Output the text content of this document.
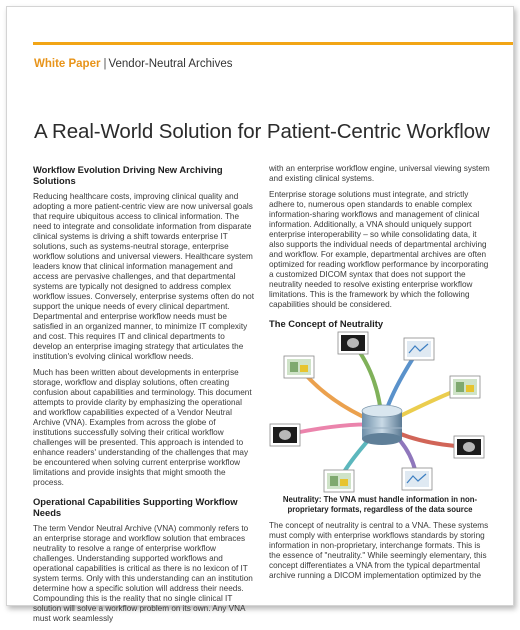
White Paper | Vendor-Neutral Archives
A Real-World Solution for Patient-Centric Workflow
Workflow Evolution Driving New Archiving Solutions

Reducing healthcare costs, improving clinical quality and adopting a more patient-centric view are now universal goals that require ubiquitous access to clinical information. The need to integrate and consolidate information from disparate clinical systems is driving a shift towards enterprise IT solutions, such as systems-neutral storage, enterprise workflow solutions and universal viewers. Healthcare system leaders know that clinical information management and access are pervasive challenges, and that departmental systems are typically not designed to address complex workflow issues. Conversely, enterprise systems often do not support the unique needs of every clinical department. Departmental and enterprise workflow needs must be satisfied in an organized manner, to minimize IT complexity and cost. This requires IT and clinical departments to develop an enterprise imaging strategy that articulates the institution's evolving clinical workflow needs.

Much has been written about developments in enterprise storage, workflow and display solutions, often creating confusion about capabilities and terminology. This document attempts to provide clarity by emphasizing the operational and workflow capabilities expected of a Vendor Neutral Archive (VNA). Examples from across the globe of institutions successfully solving their critical workflow challenges will be presented. This approach is intended to enhance readers' understanding of the challenges that may be encountered when solving current enterprise workflow limitations and provide insights that might smooth the process.

Operational Capabilities Supporting Workflow Needs

The term Vendor Neutral Archive (VNA) commonly refers to an enterprise storage and workflow solution that embraces neutrality to resolve a range of enterprise workflow challenges. Understanding supported workflows and operational capabilities is critical as there is no lexicon of IT system terms. Only with this understanding can an institution determine how a specific solution will address their needs. Compounding this is the reality that no single clinical IT solution will solve a workflow problem on its own. Any VNA must work seamlessly

with an enterprise workflow engine, universal viewing system and existing clinical systems.

Enterprise storage solutions must integrate, and strictly adhere to, numerous open standards to enable complex information-sharing workflows and management of clinical information. Additionally, a VNA should uniquely support enterprise interoperability – so while consolidating data, it also supports the individual needs of departmental archiving and workflow. For example, departmental archives are often optimized for reading workflow performance by incorporating a customized DICOM syntax that does not support the neutrality needed to resolve existing enterprise workflow limitations. This is the framework by which the following capabilities should be considered.

The Concept of Neutrality

Neutrality: The VNA must handle information in non-proprietary formats, regardless of the data source

The concept of neutrality is central to a VNA. These systems must comply with enterprise workflows standards by storing information in non-proprietary, interchange formats. This is the essence of "neutrality." While seemingly elementary, this concept differentiates a VNA from the typical departmental archive running a DICOM implementation optimized by the
